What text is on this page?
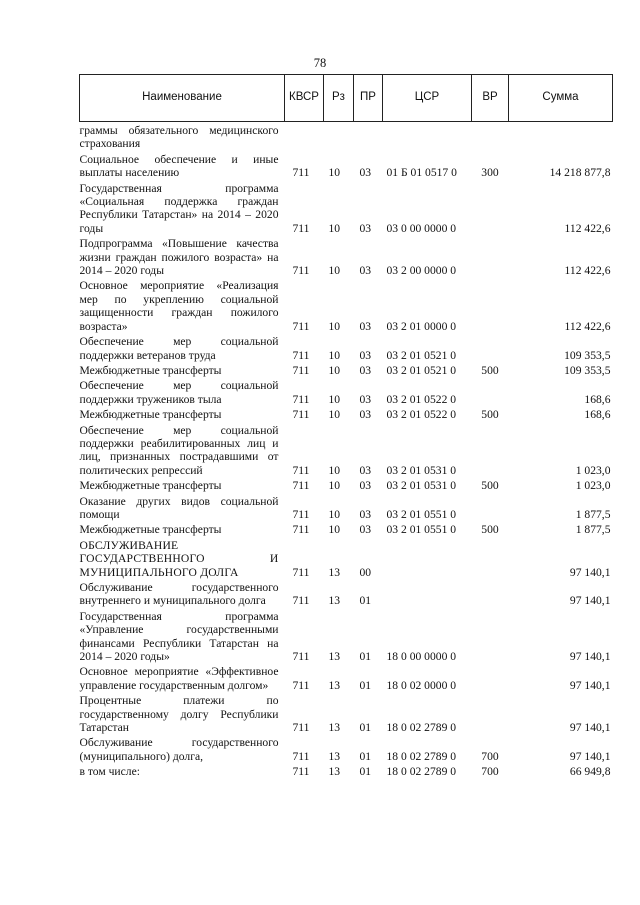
78
Наименование	КВСР	Рз	ПР	ЦСР	ВР	Сумма
граммы обязательного медицинского страхования						
Социальное обеспечение и иные выплаты населению	711	10	03	01 Б 01 0517 0	300	14 218 877,8
Государственная программа «Социальная поддержка граждан Республики Татарстан» на 2014 – 2020 годы	711	10	03	03 0 00 0000 0		112 422,6
Подпрограмма «Повышение качества жизни граждан пожилого возраста» на 2014 – 2020 годы	711	10	03	03 2 00 0000 0		112 422,6
Основное мероприятие «Реализация мер по укреплению социальной защищенности граждан пожилого возраста»	711	10	03	03 2 01 0000 0		112 422,6
Обеспечение мер социальной поддержки ветеранов труда	711	10	03	03 2 01 0521 0		109 353,5
Межбюджетные трансферты	711	10	03	03 2 01 0521 0	500	109 353,5
Обеспечение мер социальной поддержки тружеников тыла	711	10	03	03 2 01 0522 0		168,6
Межбюджетные трансферты	711	10	03	03 2 01 0522 0	500	168,6
Обеспечение мер социальной поддержки реабилитированных лиц и лиц, признанных пострадавшими от политических репрессий	711	10	03	03 2 01 0531 0		1 023,0
Межбюджетные трансферты	711	10	03	03 2 01 0531 0	500	1 023,0
Оказание других видов социальной помощи	711	10	03	03 2 01 0551 0		1 877,5
Межбюджетные трансферты	711	10	03	03 2 01 0551 0	500	1 877,5
ОБСЛУЖИВАНИЕ ГОСУДАРСТВЕННОГО И МУНИЦИПАЛЬНОГО ДОЛГА	711	13	00			97 140,1
Обслуживание государственного внутреннего и муниципального долга	711	13	01			97 140,1
Государственная программа «Управление государственными финансами Республики Татарстан на 2014 – 2020 годы»	711	13	01	18 0 00 0000 0		97 140,1
Основное мероприятие «Эффективное управление государственным долгом»	711	13	01	18 0 02 0000 0		97 140,1
Процентные платежи по государственному долгу Республики Татарстан	711	13	01	18 0 02 2789 0		97 140,1
Обслуживание государственного (муниципального) долга,	711	13	01	18 0 02 2789 0	700	97 140,1
в том числе:	711	13	01	18 0 02 2789 0	700	66 949,8
